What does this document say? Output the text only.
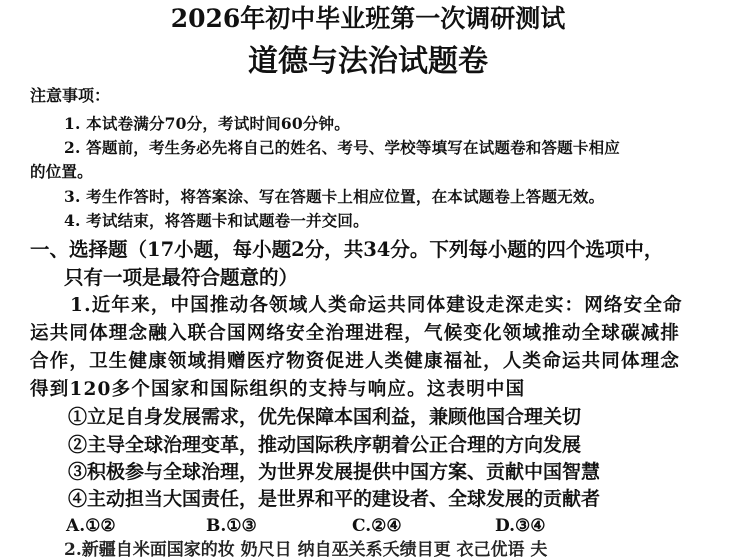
2026年初中毕业班第一次调研测试
道德与法治试题卷
注意事项：
1. 本试卷满分70分，考试时间60分钟。
2. 答题前，考生务必先将自己的姓名、考号、学校等填写在试题卷和答题卡相应
的位置。
3. 考生作答时，将答案涂、写在答题卡上相应位置，在本试题卷上答题无效。
4. 考试结束，将答题卡和试题卷一并交回。
一、选择题（17小题，每小题2分，共34分。下列每小题的四个选项中，
只有一项是最符合题意的）
1.近年来，中国推动各领域人类命运共同体建设走深走实：网络安全命
运共同体理念融入联合国网络安全治理进程，气候变化领域推动全球碳减排
合作，卫生健康领域捐赠医疗物资促进人类健康福祉，人类命运共同体理念
得到120多个国家和国际组织的支持与响应。这表明中国
①立足自身发展需求，优先保障本国利益，兼顾他国合理关切
②主导全球治理变革，推动国际秩序朝着公正合理的方向发展
③积极参与全球治理，为世界发展提供中国方案、贡献中国智慧
④主动担当大国责任，是世界和平的建设者、全球发展的贡献者
A.①②	B.①③	C.②④	D.③④
2.新疆自米面国家的妆 奶尺日 纳自巫关系夭绩目更 衣己优语 夫
